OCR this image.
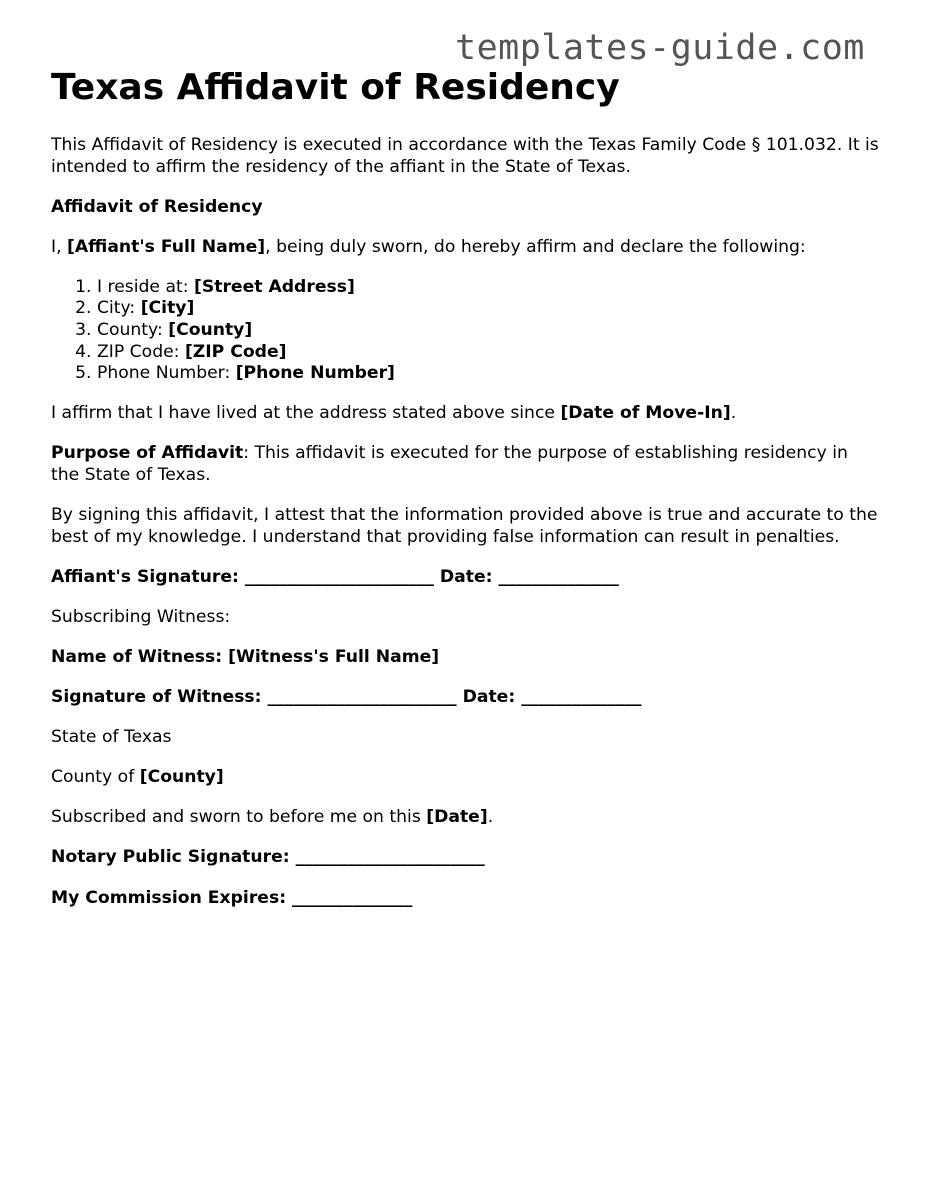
templates-guide.com
Texas Affidavit of Residency

This Affidavit of Residency is executed in accordance with the Texas Family Code § 101.032. It is intended to affirm the residency of the affiant in the State of Texas.

Affidavit of Residency

I, [Affiant's Full Name], being duly sworn, do hereby affirm and declare the following:

1. I reside at: [Street Address]
2. City: [City]
3. County: [County]
4. ZIP Code: [ZIP Code]
5. Phone Number: [Phone Number]

I affirm that I have lived at the address stated above since [Date of Move-In].

Purpose of Affidavit: This affidavit is executed for the purpose of establishing residency in the State of Texas.

By signing this affidavit, I attest that the information provided above is true and accurate to the best of my knowledge. I understand that providing false information can result in penalties.

Affiant's Signature: ______________________ Date: ______________

Subscribing Witness:

Name of Witness: [Witness's Full Name]

Signature of Witness: ______________________ Date: ______________

State of Texas

County of [County]

Subscribed and sworn to before me on this [Date].

Notary Public Signature: ______________________

My Commission Expires: ______________
